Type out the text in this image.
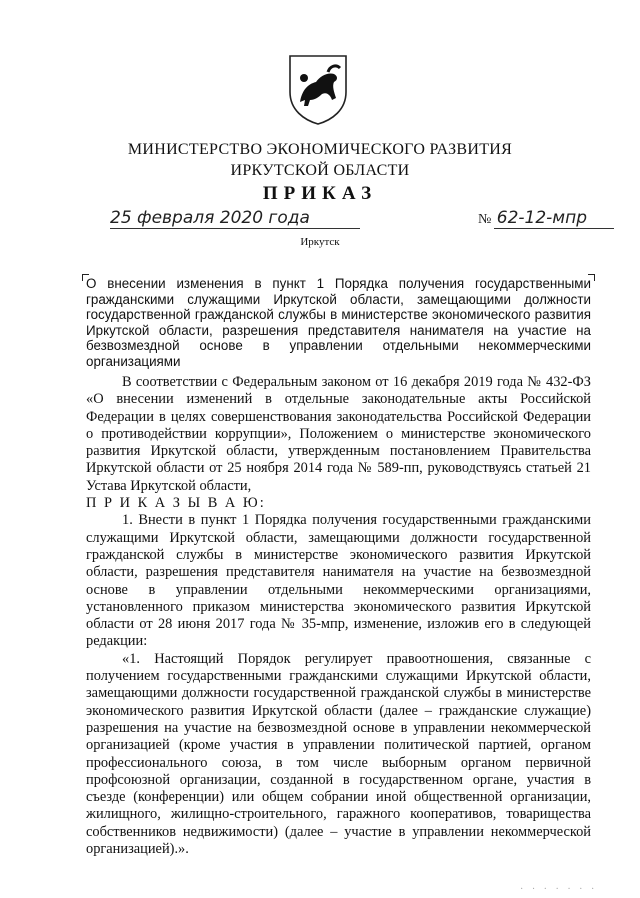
МИНИСТЕРСТВО ЭКОНОМИЧЕСКОГО РАЗВИТИЯ
ИРКУТСКОЙ ОБЛАСТИ
ПРИКАЗ
25 февраля 2020 года	№ 62-12-мпр
Иркутск
О внесении изменения в пункт 1 Порядка получения государственными гражданскими служащими Иркутской области, замещающими должности государственной гражданской службы в министерстве экономического развития Иркутской области, разрешения представителя нанимателя на участие на безвозмездной основе в управлении отдельными некоммерческими организациями

В соответствии с Федеральным законом от 16 декабря 2019 года № 432-ФЗ «О внесении изменений в отдельные законодательные акты Российской Федерации в целях совершенствования законодательства Российской Федерации о противодействии коррупции», Положением о министерстве экономического развития Иркутской области, утвержденным постановлением Правительства Иркутской области от 25 ноября 2014 года № 589-пп, руководствуясь статьей 21 Устава Иркутской области,

П Р И К А З Ы В А Ю:

1. Внести в пункт 1 Порядка получения государственными гражданскими служащими Иркутской области, замещающими должности государственной гражданской службы в министерстве экономического развития Иркутской области, разрешения представителя нанимателя на участие на безвозмездной основе в управлении отдельными некоммерческими организациями, установленного приказом министерства экономического развития Иркутской области от 28 июня 2017 года № 35-мпр, изменение, изложив его в следующей редакции:

«1. Настоящий Порядок регулирует правоотношения, связанные с получением государственными гражданскими служащими Иркутской области, замещающими должности государственной гражданской службы в министерстве экономического развития Иркутской области (далее – гражданские служащие) разрешения на участие на безвозмездной основе в управлении некоммерческой организацией (кроме участия в управлении политической партией, органом профессионального союза, в том числе выборным органом первичной профсоюзной организации, созданной в государственном органе, участия в съезде (конференции) или общем собрании иной общественной организации, жилищного, жилищно-строительного, гаражного кооперативов, товарищества собственников недвижимости) (далее – участие в управлении некоммерческой организацией).».

· · · · · · ·
